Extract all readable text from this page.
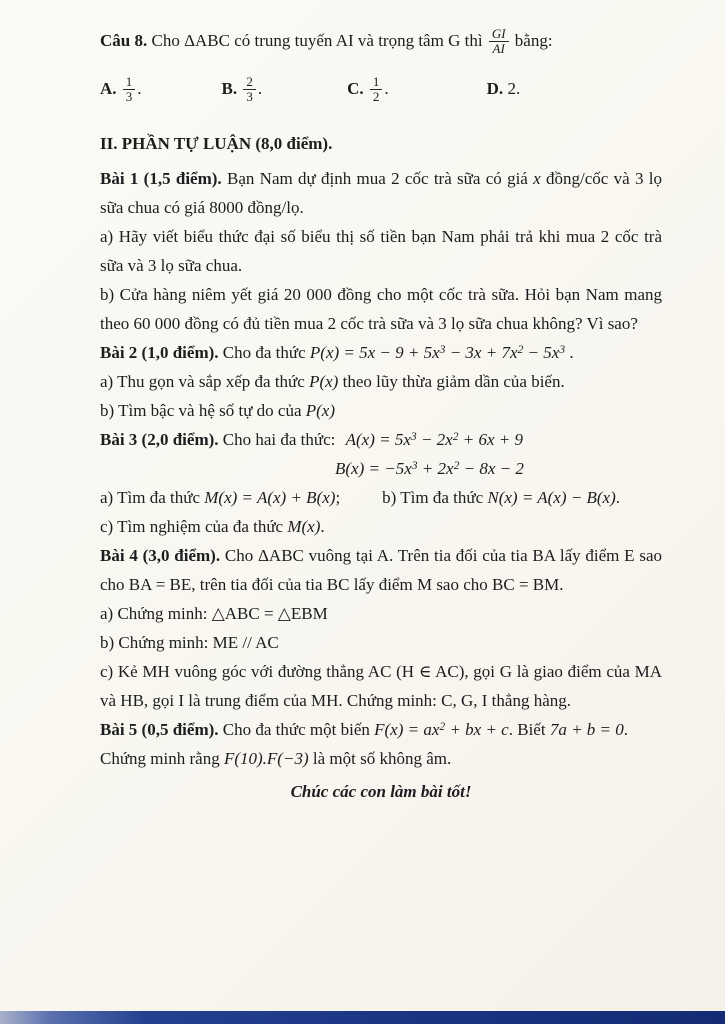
Câu 8. Cho ΔABC có trung tuyến AI và trọng tâm G thì $\frac{GI}{AI}$ bằng:
A. $\frac{1}{3}$ .	B. $\frac{2}{3}$ .	C. $\frac{1}{2}$ .	D. 2.
II. PHẦN TỰ LUẬN (8,0 điểm).
Bài 1 (1,5 điểm). Bạn Nam dự định mua 2 cốc trà sữa có giá x đồng/cốc và 3 lọ sữa chua có giá 8000 đồng/lọ.
a) Hãy viết biểu thức đại số biểu thị số tiền bạn Nam phải trả khi mua 2 cốc trà sữa và 3 lọ sữa chua.
b) Cửa hàng niêm yết giá 20 000 đồng cho một cốc trà sữa. Hỏi bạn Nam mang theo 60 000 đồng có đủ tiền mua 2 cốc trà sữa và 3 lọ sữa chua không? Vì sao?
Bài 2 (1,0 điểm). Cho đa thức $P(x) = 5x - 9 + 5x^3 - 3x + 7x^2 - 5x^3$ .
a) Thu gọn và sắp xếp đa thức P(x) theo lũy thừa giảm dần của biến.
b) Tìm bậc và hệ số tự do của P(x)
Bài 3 (2,0 điểm). Cho hai đa thức: $A(x) = 5x^3 - 2x^2 + 6x + 9$
$B(x) = -5x^3 + 2x^2 - 8x - 2$
a) Tìm đa thức M(x) = A(x) + B(x); b) Tìm đa thức N(x) = A(x) − B(x).
c) Tìm nghiệm của đa thức M(x).
Bài 4 (3,0 điểm). Cho ΔABC vuông tại A. Trên tia đối của tia BA lấy điểm E sao cho BA = BE, trên tia đối của tia BC lấy điểm M sao cho BC = BM.
a) Chứng minh: △ABC = △EBM
b) Chứng minh: ME // AC
c) Kẻ MH vuông góc với đường thẳng AC (H ∈ AC), gọi G là giao điểm của MA và HB, gọi I là trung điểm của MH. Chứng minh: C, G, I thẳng hàng.
Bài 5 (0,5 điểm). Cho đa thức một biến $F(x) = ax^2$ + bx + c. Biết 7a + b = 0.
Chứng minh rằng F(10).F(−3) là một số không âm.
Chúc các con làm bài tốt!
